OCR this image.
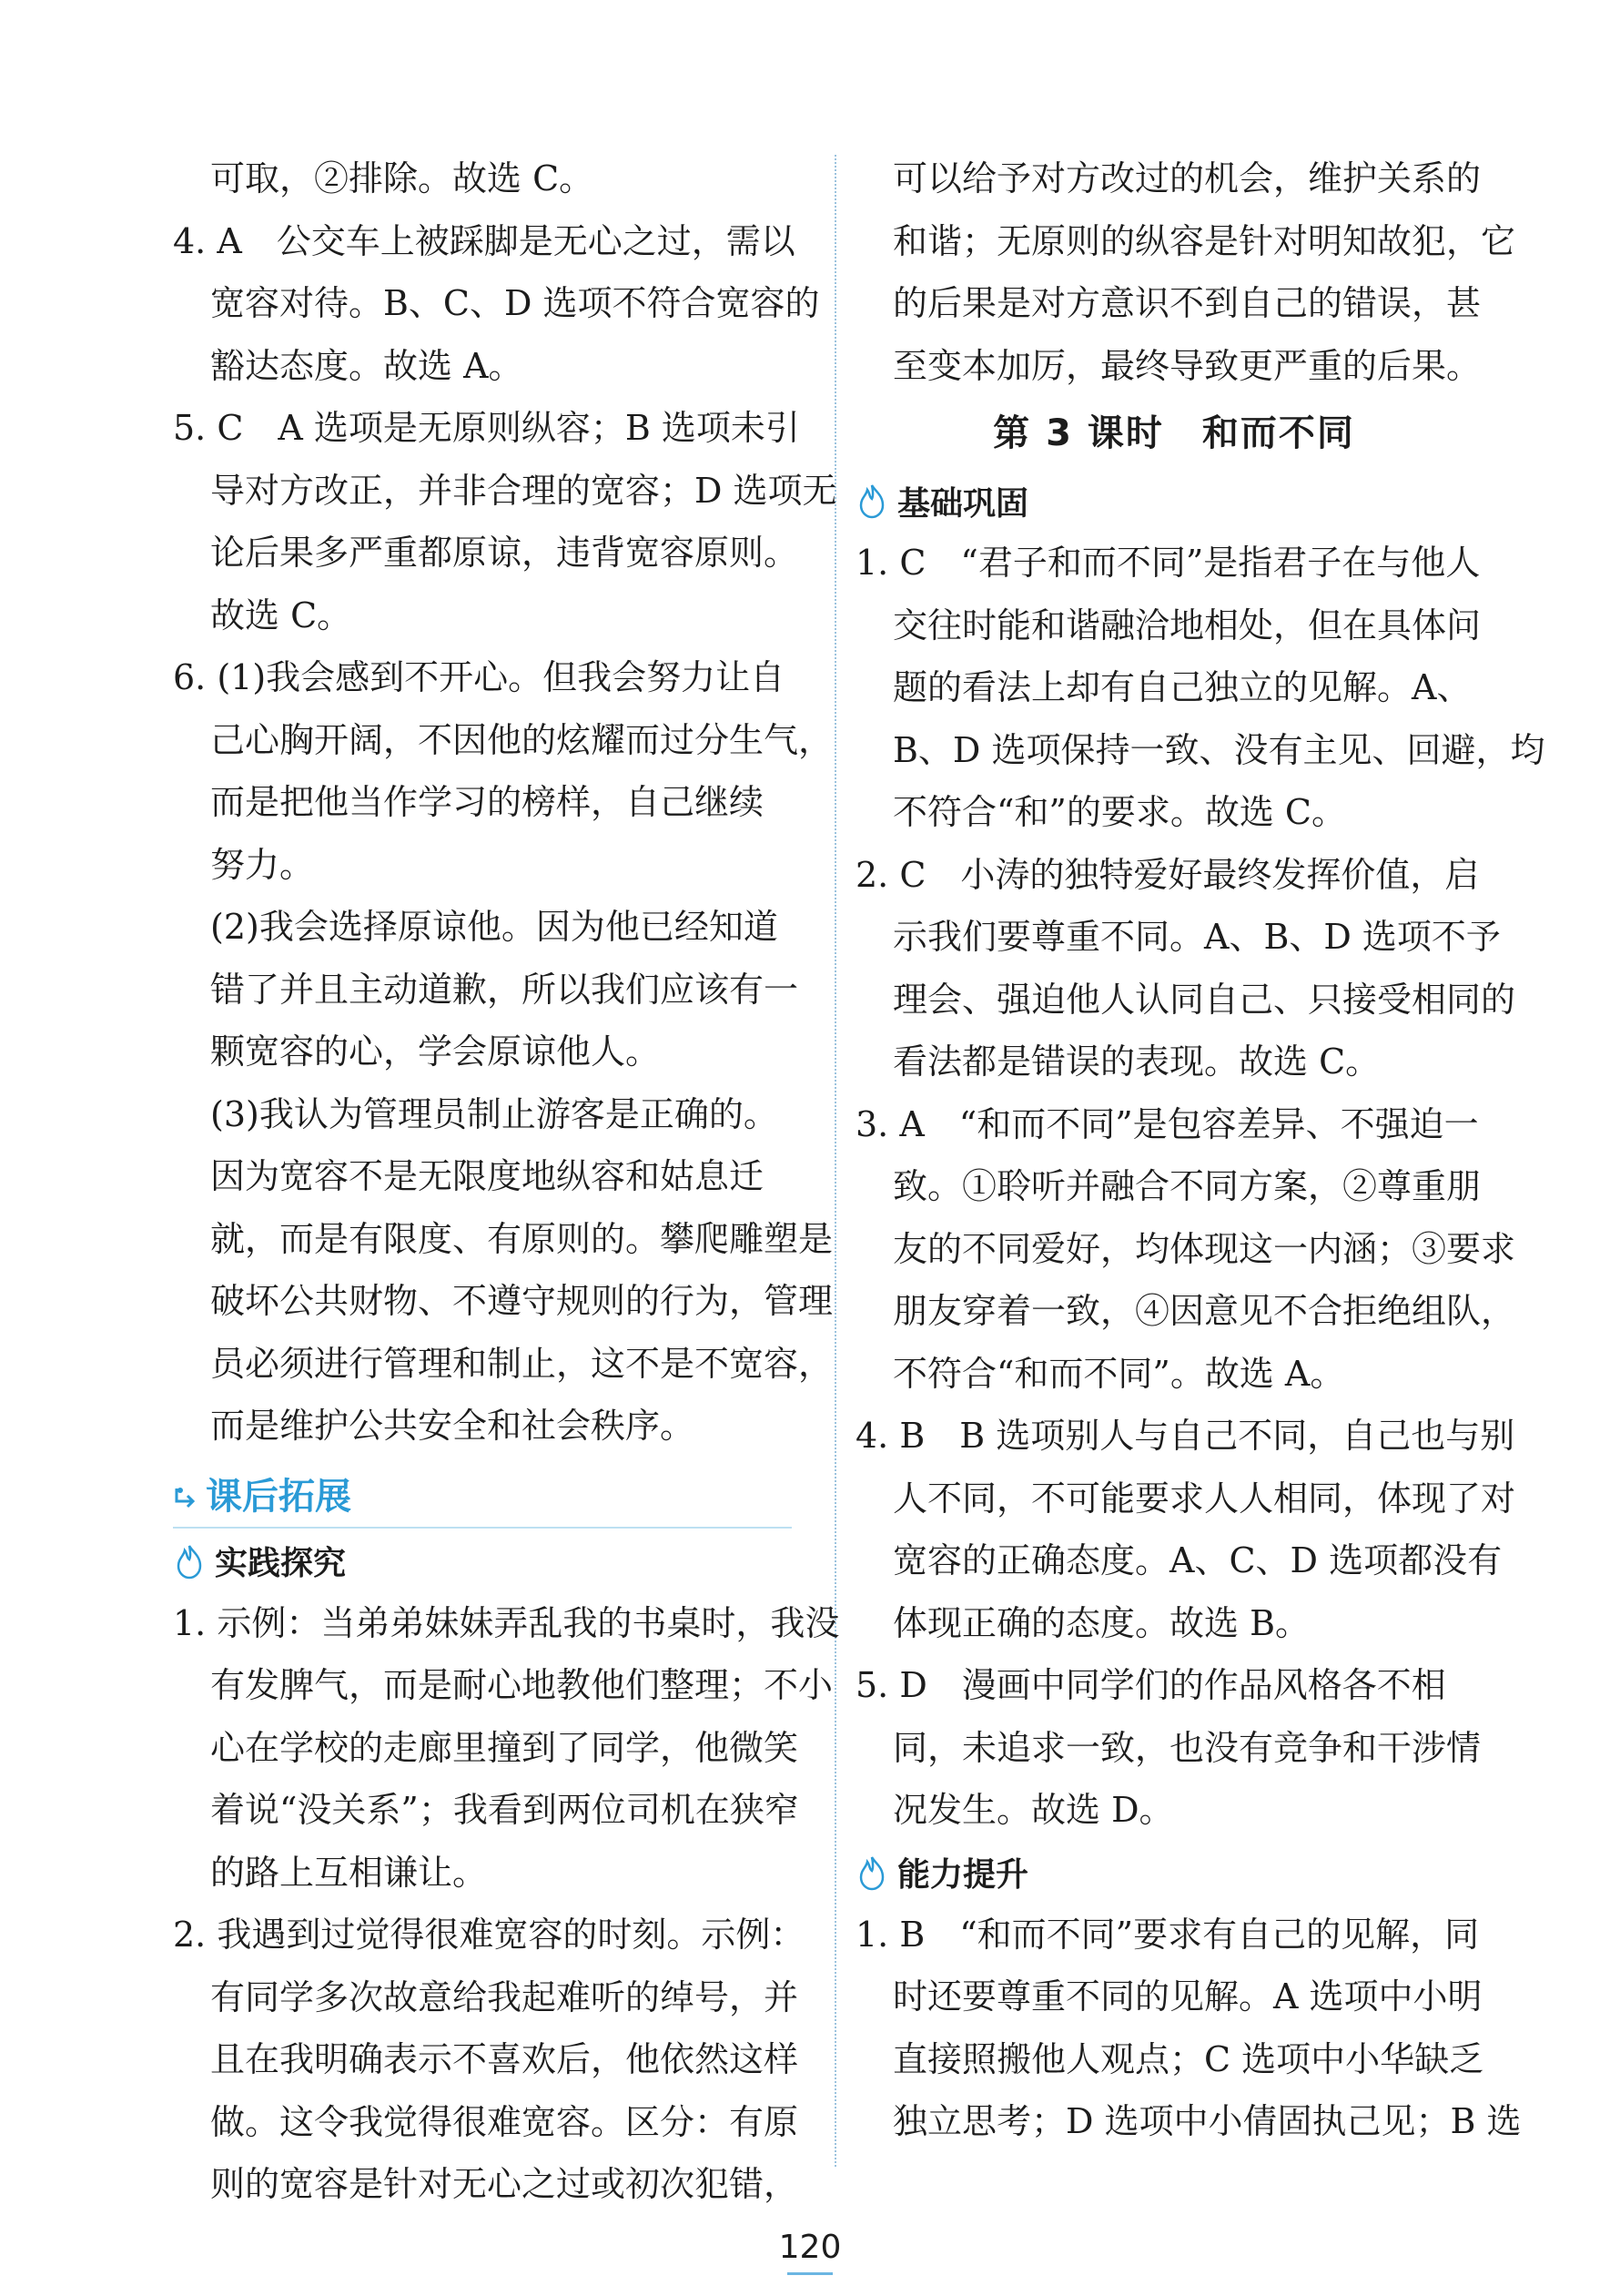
可取，②排除。故选 C。
4. A　公交车上被踩脚是无心之过，需以
宽容对待。B、C、D 选项不符合宽容的
豁达态度。故选 A。
5. C　A 选项是无原则纵容；B 选项未引
导对方改正，并非合理的宽容；D 选项无
论后果多严重都原谅，违背宽容原则。
故选 C。
6. (1)我会感到不开心。但我会努力让自
己心胸开阔，不因他的炫耀而过分生气，
而是把他当作学习的榜样，自己继续
努力。
(2)我会选择原谅他。因为他已经知道
错了并且主动道歉，所以我们应该有一
颗宽容的心，学会原谅他人。
(3)我认为管理员制止游客是正确的。
因为宽容不是无限度地纵容和姑息迁
就，而是有限度、有原则的。攀爬雕塑是
破坏公共财物、不遵守规则的行为，管理
员必须进行管理和制止，这不是不宽容，
而是维护公共安全和社会秩序。
课后拓展
实践探究
1. 示例：当弟弟妹妹弄乱我的书桌时，我没
有发脾气，而是耐心地教他们整理；不小
心在学校的走廊里撞到了同学，他微笑
着说“没关系”；我看到两位司机在狭窄
的路上互相谦让。
2. 我遇到过觉得很难宽容的时刻。示例：
有同学多次故意给我起难听的绰号，并
且在我明确表示不喜欢后，他依然这样
做。这令我觉得很难宽容。区分：有原
则的宽容是针对无心之过或初次犯错，
可以给予对方改过的机会，维护关系的
和谐；无原则的纵容是针对明知故犯，它
的后果是对方意识不到自己的错误，甚
至变本加厉，最终导致更严重的后果。
第 3 课时　和而不同
基础巩固
1. C　“君子和而不同”是指君子在与他人
交往时能和谐融洽地相处，但在具体问
题的看法上却有自己独立的见解。A、
B、D 选项保持一致、没有主见、回避，均
不符合“和”的要求。故选 C。
2. C　小涛的独特爱好最终发挥价值，启
示我们要尊重不同。A、B、D 选项不予
理会、强迫他人认同自己、只接受相同的
看法都是错误的表现。故选 C。
3. A　“和而不同”是包容差异、不强迫一
致。①聆听并融合不同方案，②尊重朋
友的不同爱好，均体现这一内涵；③要求
朋友穿着一致，④因意见不合拒绝组队，
不符合“和而不同”。故选 A。
4. B　B 选项别人与自己不同，自己也与别
人不同，不可能要求人人相同，体现了对
宽容的正确态度。A、C、D 选项都没有
体现正确的态度。故选 B。
5. D　漫画中同学们的作品风格各不相
同，未追求一致，也没有竞争和干涉情
况发生。故选 D。
能力提升
1. B　“和而不同”要求有自己的见解，同
时还要尊重不同的见解。A 选项中小明
直接照搬他人观点；C 选项中小华缺乏
独立思考；D 选项中小倩固执己见；B 选
120
